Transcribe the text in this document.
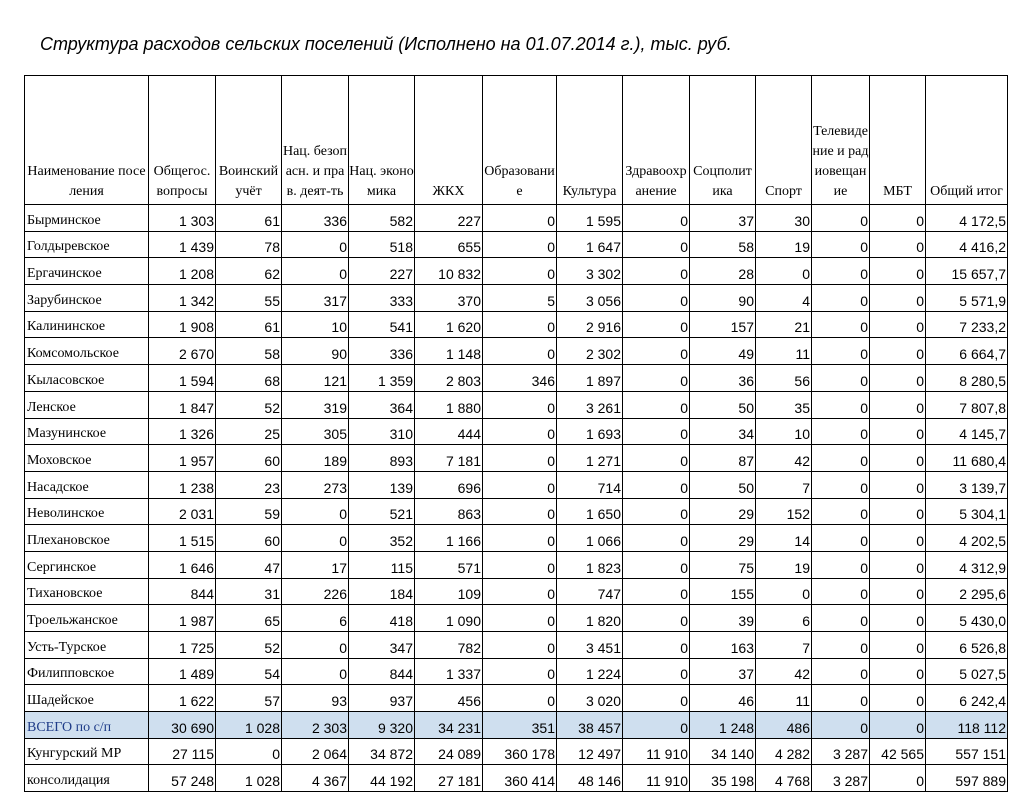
Структура расходов сельских поселений (Исполнено на 01.07.2014 г.), тыс. руб.
Наименование поселения	Общегос. вопросы	Воинский учёт	Нац. безопасн. и прав. деят-ть	Нац. экономика	ЖКХ	Образование	Культура	Здравоохранение	Соцполитика	Спорт	Телевидение и радиовещание	МБТ	Общий итог
Бырминское	1 303	61	336	582	227	0	1 595	0	37	30	0	0	4 172,5
Голдыревское	1 439	78	0	518	655	0	1 647	0	58	19	0	0	4 416,2
Ергачинское	1 208	62	0	227	10 832	0	3 302	0	28	0	0	0	15 657,7
Зарубинское	1 342	55	317	333	370	5	3 056	0	90	4	0	0	5 571,9
Калининское	1 908	61	10	541	1 620	0	2 916	0	157	21	0	0	7 233,2
Комсомольское	2 670	58	90	336	1 148	0	2 302	0	49	11	0	0	6 664,7
Кыласовское	1 594	68	121	1 359	2 803	346	1 897	0	36	56	0	0	8 280,5
Ленское	1 847	52	319	364	1 880	0	3 261	0	50	35	0	0	7 807,8
Мазунинское	1 326	25	305	310	444	0	1 693	0	34	10	0	0	4 145,7
Моховское	1 957	60	189	893	7 181	0	1 271	0	87	42	0	0	11 680,4
Насадское	1 238	23	273	139	696	0	714	0	50	7	0	0	3 139,7
Неволинское	2 031	59	0	521	863	0	1 650	0	29	152	0	0	5 304,1
Плехановское	1 515	60	0	352	1 166	0	1 066	0	29	14	0	0	4 202,5
Сергинское	1 646	47	17	115	571	0	1 823	0	75	19	0	0	4 312,9
Тихановское	844	31	226	184	109	0	747	0	155	0	0	0	2 295,6
Троельжанское	1 987	65	6	418	1 090	0	1 820	0	39	6	0	0	5 430,0
Усть-Турское	1 725	52	0	347	782	0	3 451	0	163	7	0	0	6 526,8
Филипповское	1 489	54	0	844	1 337	0	1 224	0	37	42	0	0	5 027,5
Шадейское	1 622	57	93	937	456	0	3 020	0	46	11	0	0	6 242,4
ВСЕГО по с/п	30 690	1 028	2 303	9 320	34 231	351	38 457	0	1 248	486	0	0	118 112
Кунгурский МР	27 115	0	2 064	34 872	24 089	360 178	12 497	11 910	34 140	4 282	3 287	42 565	557 151
консолидация	57 248	1 028	4 367	44 192	27 181	360 414	48 146	11 910	35 198	4 768	3 287	0	597 889
